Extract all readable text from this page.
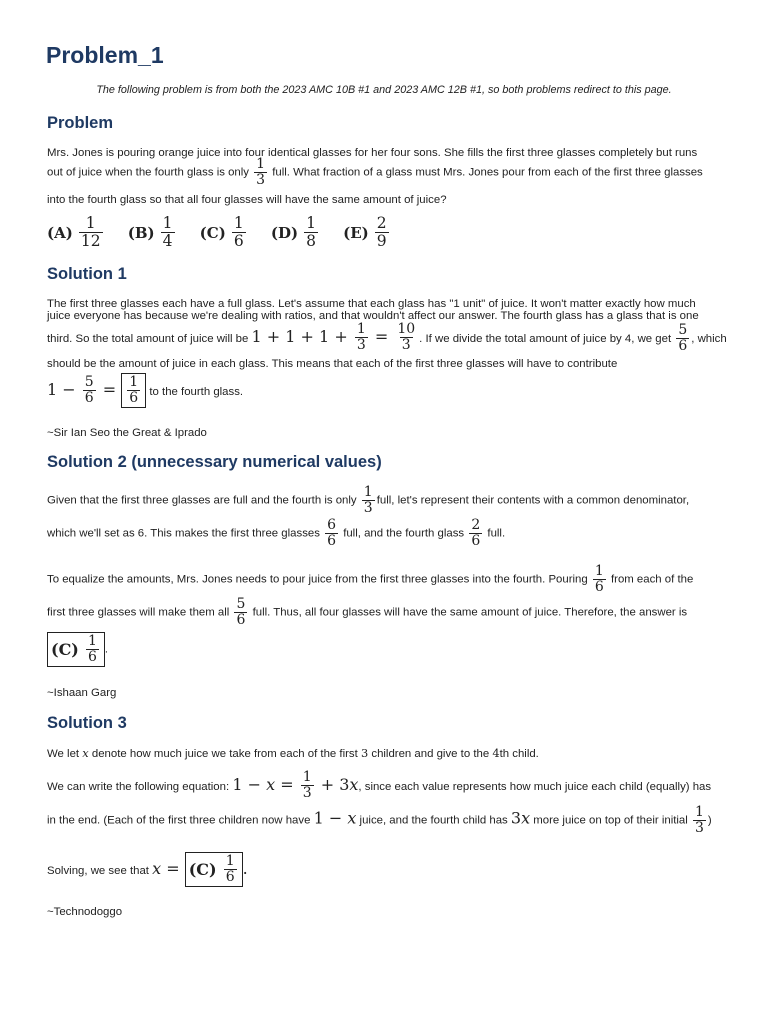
Problem_1
The following problem is from both the 2023 AMC 10B #1 and 2023 AMC 12B #1, so both problems redirect to this page.
Problem
Mrs. Jones is pouring orange juice into four identical glasses for her four sons. She fills the first three glasses completely but runs
out of juice when the fourth glass is only $\frac{1}{3}$ full. What fraction of a glass must Mrs. Jones pour from each of the first three glasses
into the fourth glass so that all four glasses will have the same amount of juice?
$(A) \frac{1}{12}$
$(B) \frac{1}{4}$
$(C) \frac{1}{6}$
$(D) \frac{1}{8}$
$(E) \frac{2}{9}$
Solution 1
The first three glasses each have a full glass. Let's assume that each glass has "1 unit" of juice. It won't matter exactly how much
juice everyone has because we're dealing with ratios, and that wouldn't affect our answer. The fourth glass has a glass that is one
third. So the total amount of juice will be $1 + 1 + 1 + \frac{1}{3} = \frac{10}{3}$ . If we divide the total amount of juice by 4, we get $\frac{5}{6}$ , which
should be the amount of juice in each glass. This means that each of the first three glasses will have to contribute
$1 - \frac{5}{6} = \frac{1}{6}$ to the fourth glass.
~Sir Ian Seo the Great & Iprado
Solution 2 (unnecessary numerical values)
Given that the first three glasses are full and the fourth is only $\frac{1}{3}$ full, let's represent their contents with a common denominator,
which we'll set as 6. This makes the first three glasses $\frac{6}{6}$ full, and the fourth glass $\frac{2}{6}$ full.
To equalize the amounts, Mrs. Jones needs to pour juice from the first three glasses into the fourth. Pouring $\frac{1}{6}$ from each of the
first three glasses will make them all $\frac{5}{6}$ full. Thus, all four glasses will have the same amount of juice. Therefore, the answer is
(C)
$\frac{1}{6}$ .
~Ishaan Garg
Solution 3
We let x denote how much juice we take from each of the first 3 children and give to the 4th child.
We can write the following equation: $1 - x = \frac{1}{3} + 3x$, since each value represents how much juice each child (equally) has
in the end. (Each of the first three children now have 1 − x juice, and the fourth child has 3x more juice on top of their initial $\frac{1}{3}$ )
Solving, we see that x = (C)
$\frac{1}{6}$ .
~Technodoggo
